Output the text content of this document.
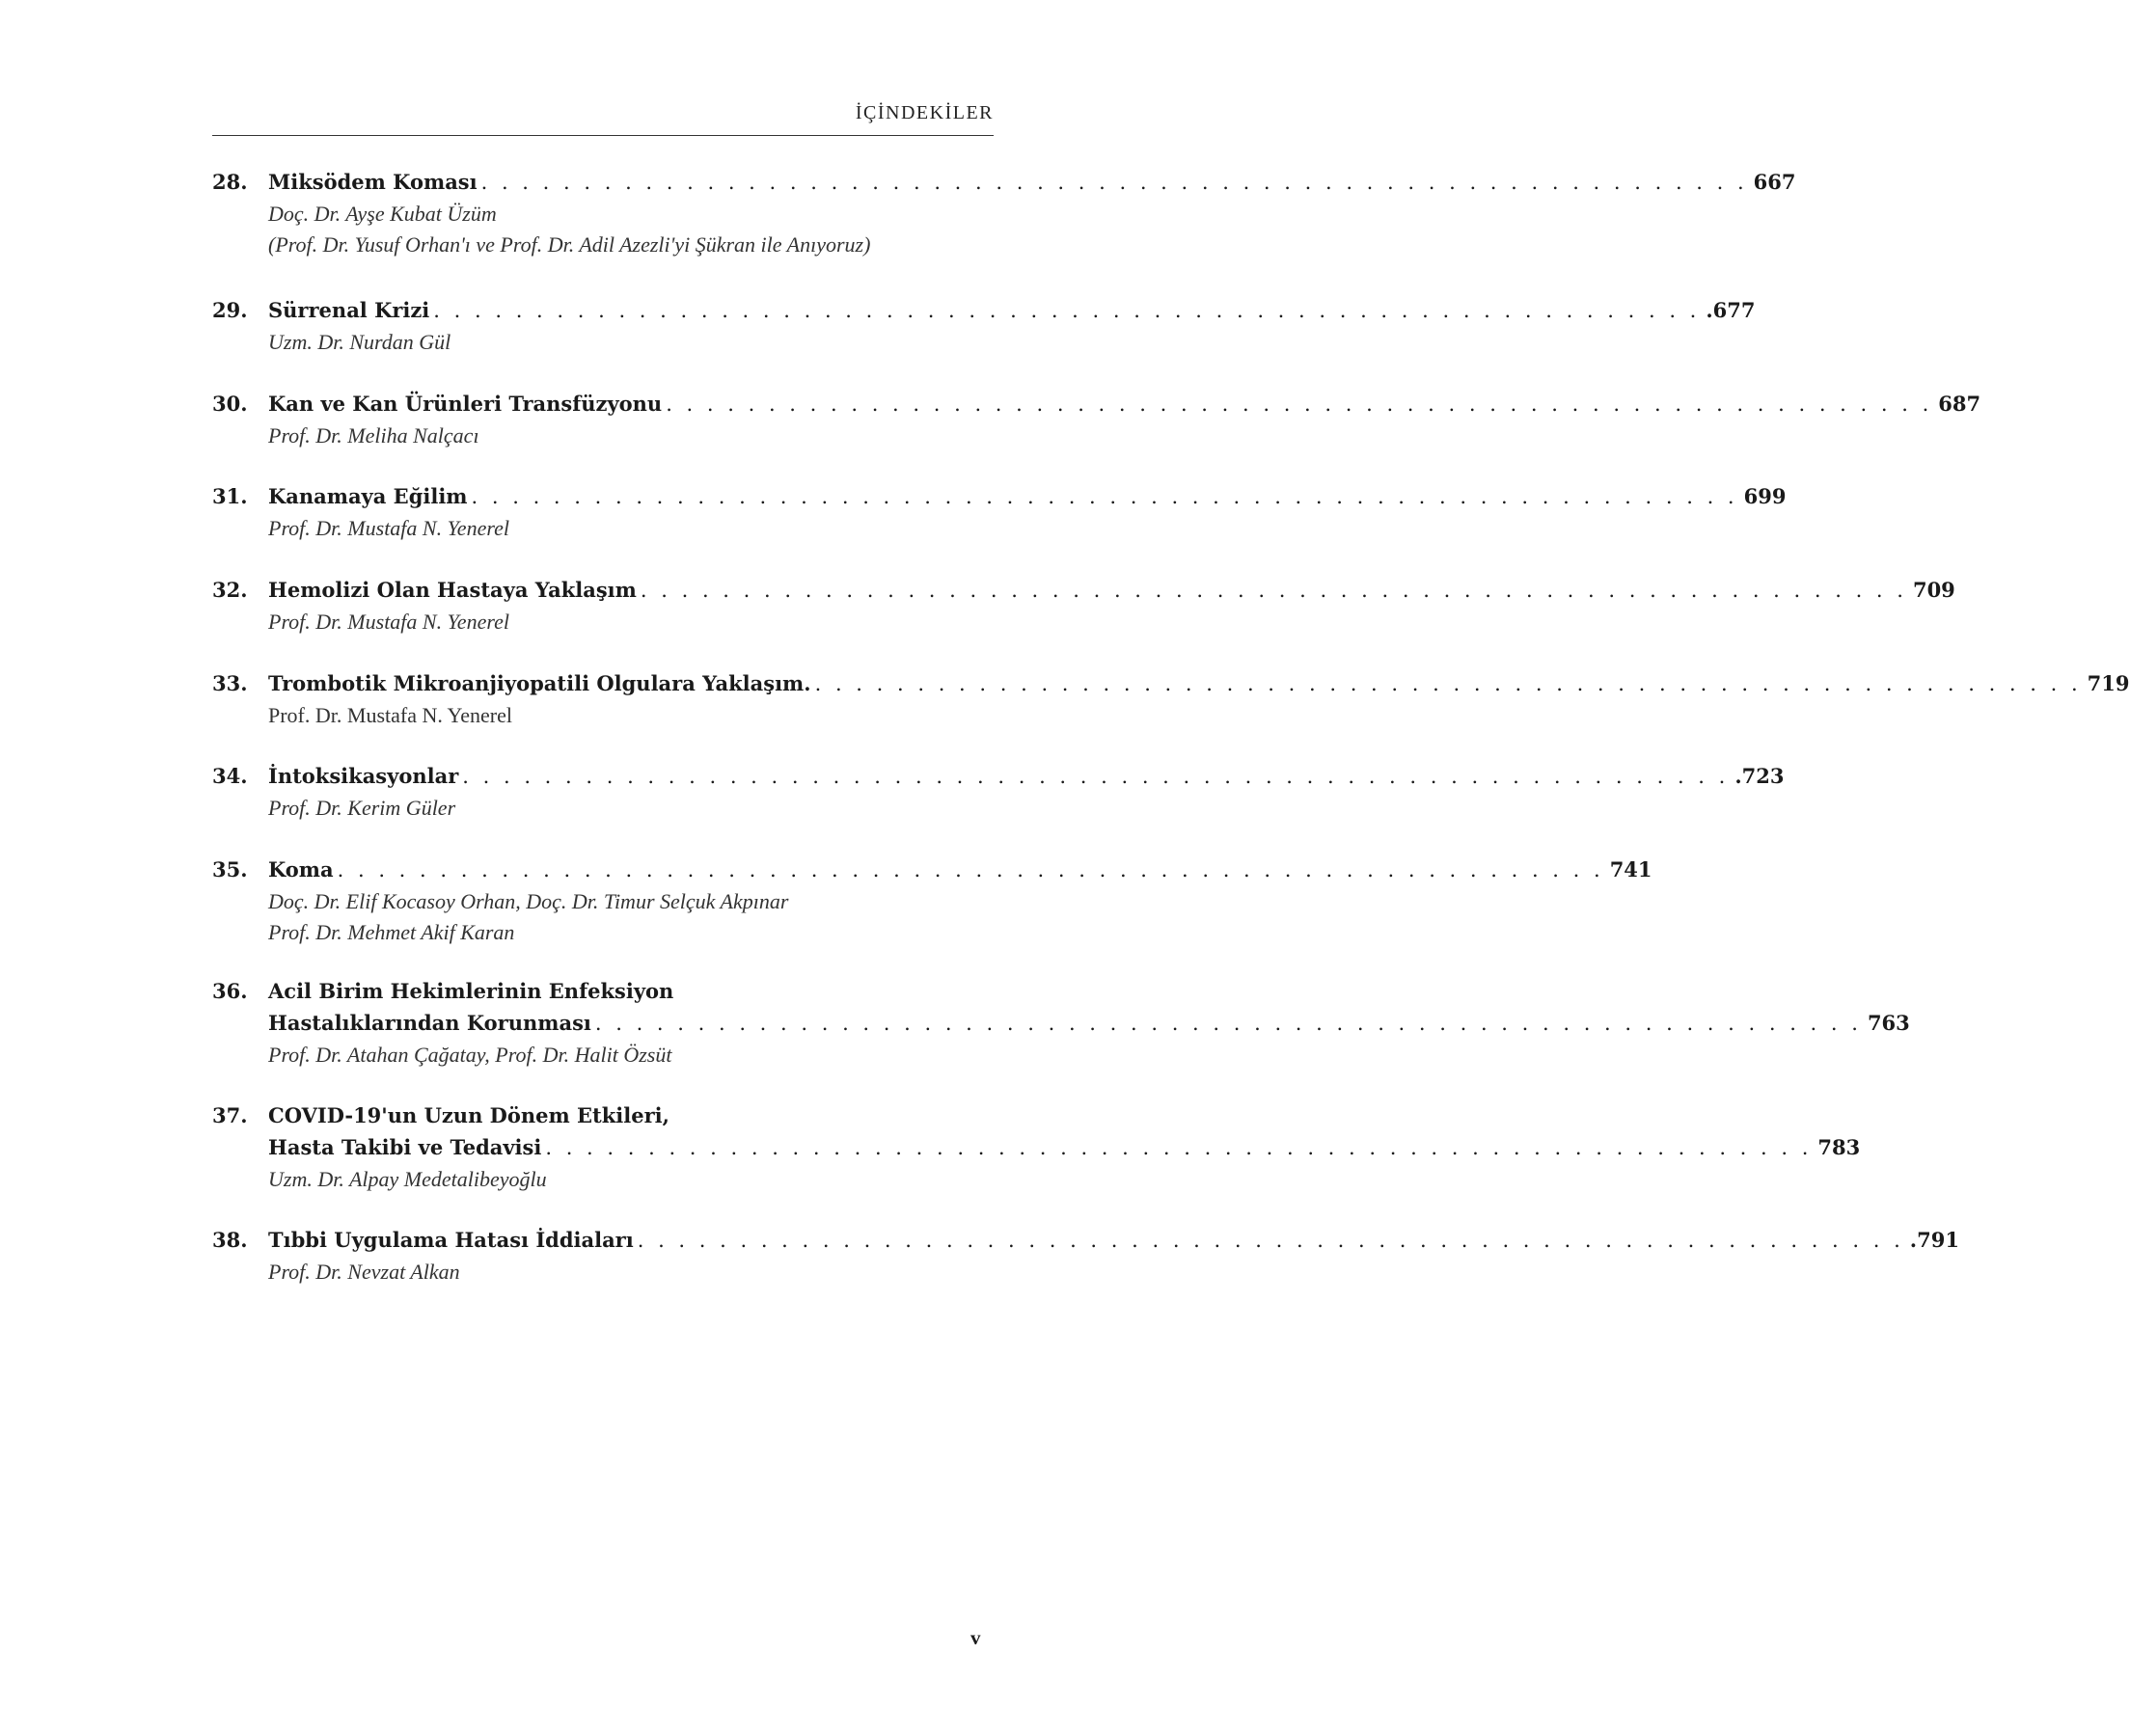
İÇİNDEKİLER
28. Miksödem Koması . . . . . . . . . . . . . . . . . . . . . . . . . . . . . . . . . . . . . . . . . . . . . . . . . . . . . . . . . . . . . . 667
Doç. Dr. Ayşe Kubat Üzüm
(Prof. Dr. Yusuf Orhan'ı ve Prof. Dr. Adil Azezli'yi Şükran ile Anıyoruz)
29. Sürrenal Krizi . . . . . . . . . . . . . . . . . . . . . . . . . . . . . . . . . . . . . . . . . . . . . . . . . . . . . . . . . . . . . . .677
Uzm. Dr. Nurdan Gül
30. Kan ve Kan Ürünleri Transfüzyonu . . . . . . . . . . . . . . . . . . . . . . . . . . . . . . . . . . . . . . . . . . . . . . . . . . . . . . . . . . . . . . 687
Prof. Dr. Meliha Nalçacı
31. Kanamaya Eğilim . . . . . . . . . . . . . . . . . . . . . . . . . . . . . . . . . . . . . . . . . . . . . . . . . . . . . . . . . . . . . . 699
Prof. Dr. Mustafa N. Yenerel
32. Hemolizi Olan Hastaya Yaklaşım . . . . . . . . . . . . . . . . . . . . . . . . . . . . . . . . . . . . . . . . . . . . . . . . . . . . . . . . . . . . . . 709
Prof. Dr. Mustafa N. Yenerel
33. Trombotik Mikroanjiyopatili Olgulara Yaklaşım. . . . . . . . . . . . . . . . . . . . . . . . . . . . . . . . . . . . . . . . . . . . . . . . . . . . . . . . . . . . . . . 719
Prof. Dr. Mustafa N. Yenerel
34. İntoksikasyonlar . . . . . . . . . . . . . . . . . . . . . . . . . . . . . . . . . . . . . . . . . . . . . . . . . . . . . . . . . . . . . . .723
Prof. Dr. Kerim Güler
35. Koma . . . . . . . . . . . . . . . . . . . . . . . . . . . . . . . . . . . . . . . . . . . . . . . . . . . . . . . . . . . . . . 741
Doç. Dr. Elif Kocasoy Orhan, Doç. Dr. Timur Selçuk Akpınar
Prof. Dr. Mehmet Akif Karan
36. Acil Birim Hekimlerinin Enfeksiyon
Hastalıklarından Korunması . . . . . . . . . . . . . . . . . . . . . . . . . . . . . . . . . . . . . . . . . . . . . . . . . . . . . . . . . . . . . . 763
Prof. Dr. Atahan Çağatay, Prof. Dr. Halit Özsüt
37. COVID-19'un Uzun Dönem Etkileri,
Hasta Takibi ve Tedavisi . . . . . . . . . . . . . . . . . . . . . . . . . . . . . . . . . . . . . . . . . . . . . . . . . . . . . . . . . . . . . . 783
Uzm. Dr. Alpay Medetalibeyoğlu
38. Tıbbi Uygulama Hatası İddiaları . . . . . . . . . . . . . . . . . . . . . . . . . . . . . . . . . . . . . . . . . . . . . . . . . . . . . . . . . . . . . . .791
Prof. Dr. Nevzat Alkan
v
